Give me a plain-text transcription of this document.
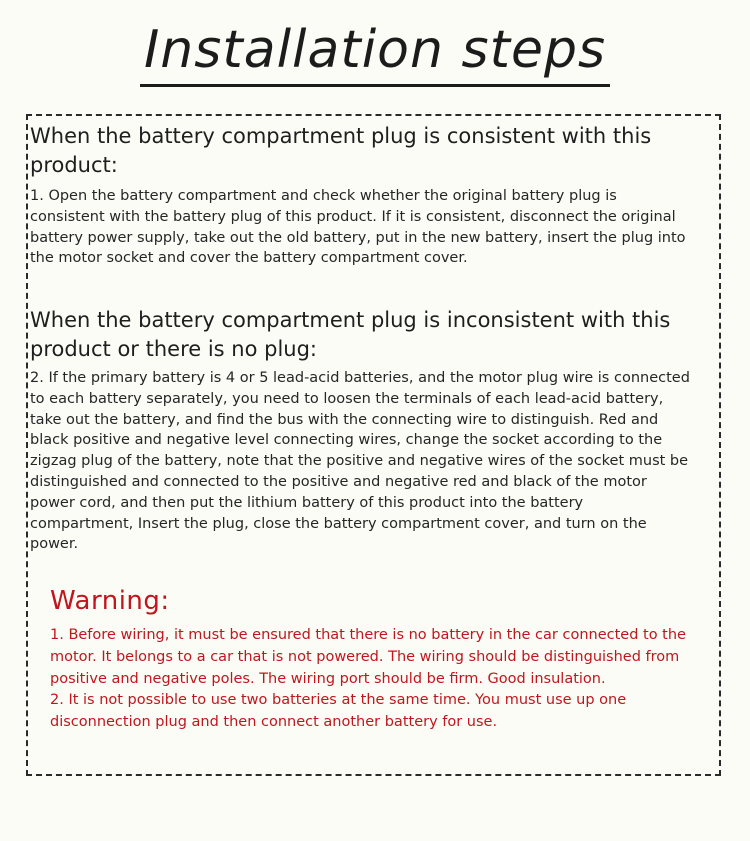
Installation steps

When the battery compartment plug is consistent with this
product:

1. Open the battery compartment and check whether the original battery plug is consistent with the battery plug of this product. If it is consistent, disconnect the original battery power supply, take out the old battery, put in the new battery, insert the plug into the motor socket and cover the battery compartment cover.

When the battery compartment plug is inconsistent with this product or there is no plug:

2. If the primary battery is 4 or 5 lead-acid batteries, and the motor plug wire is connected to each battery separately, you need to loosen the terminals of each lead-acid battery, take out the battery, and find the bus with the connecting wire to distinguish. Red and black positive and negative level connecting wires, change the socket according to the zigzag plug of the battery, note that the positive and negative wires of the socket must be distinguished and connected to the positive and negative red and black of the motor power cord, and then put the lithium battery of this product into the battery compartment, Insert the plug, close the battery compartment cover, and turn on the power.

Warning:

1. Before wiring, it must be ensured that there is no battery in the car connected to the motor. It belongs to a car that is not powered. The wiring should be distinguished from positive and negative poles. The wiring port should be firm. Good insulation.

2. It is not possible to use two batteries at the same time. You must use up one disconnection plug and then connect another battery for use.
